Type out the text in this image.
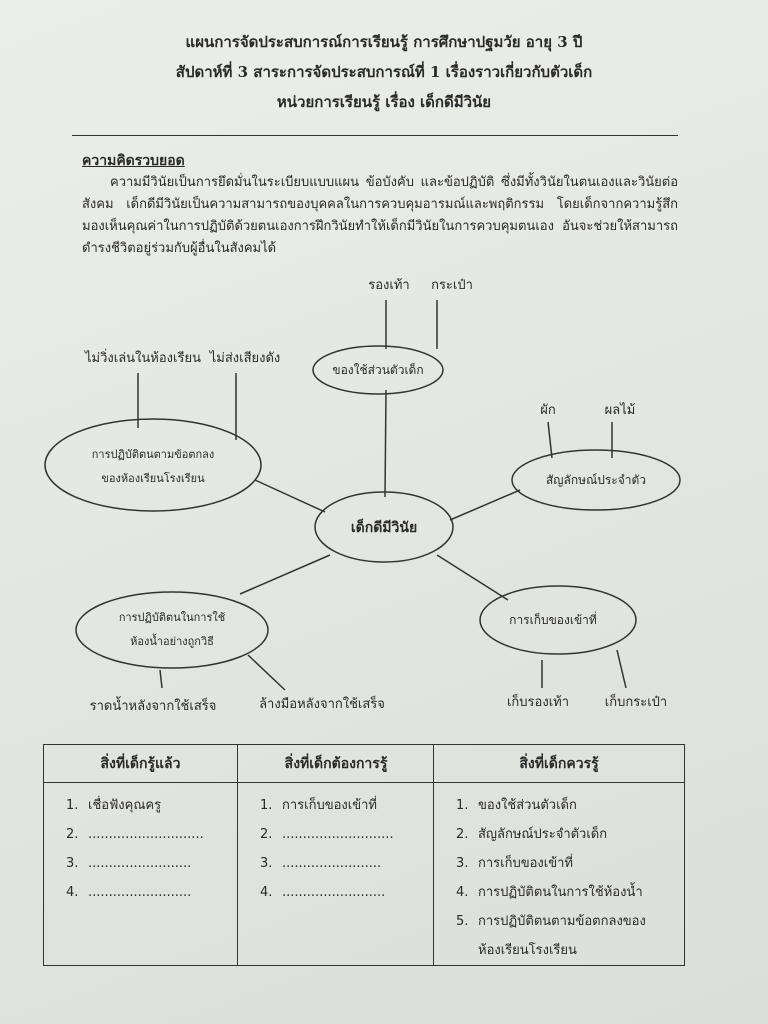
แผนการจัดประสบการณ์การเรียนรู้ การศึกษาปฐมวัย อายุ 3 ปี
สัปดาห์ที่ 3 สาระการจัดประสบการณ์ที่ 1 เรื่องราวเกี่ยวกับตัวเด็ก
หน่วยการเรียนรู้ เรื่อง เด็กดีมีวินัย
ความคิดรวบยอด
ความมีวินัยเป็นการยึดมั่นในระเบียบแบบแผน ข้อบังคับ และข้อปฏิบัติ ซึ่งมีทั้งวินัยในตนเองและวินัยต่อสังคม เด็กดีมีวินัยเป็นความสามารถของบุคคลในการควบคุมอารมณ์และพฤติกรรม โดยเด็กจากความรู้สึกมองเห็นคุณค่าในการปฏิบัติด้วยตนเองการฝึกวินัยทำให้เด็กมีวินัยในการควบคุมตนเอง อันจะช่วยให้สามารถดำรงชีวิตอยู่ร่วมกับผู้อื่นในสังคมได้
เด็กดีมีวินัย
ของใช้ส่วนตัวเด็ก
รองเท้า กระเป๋า
การปฏิบัติตนตามข้อตกลง
ของห้องเรียนโรงเรียน
ไม่วิ่งเล่นในห้องเรียน ไม่ส่งเสียงดัง
สัญลักษณ์ประจำตัว
ผัก	ผลไม้
การปฏิบัติตนในการใช้
ห้องน้ำอย่างถูกวิธี
ราดน้ำหลังจากใช้เสร็จ	ล้างมือหลังจากใช้เสร็จ
การเก็บของเข้าที่
เก็บรองเท้า	เก็บกระเป๋า
สิ่งที่เด็กรู้แล้ว
1. เชื่อฟังคุณครู
2. ............................
3. .........................
4. .........................
สิ่งที่เด็กต้องการรู้
1. การเก็บของเข้าที่
2. ...........................
3. ........................
4. .........................
สิ่งที่เด็กควรรู้
1. ของใช้ส่วนตัวเด็ก
2. สัญลักษณ์ประจำตัวเด็ก
3. การเก็บของเข้าที่
4. การปฏิบัติตนในการใช้ห้องน้ำ
5. การปฏิบัติตนตามข้อตกลงของห้องเรียนโรงเรียน
